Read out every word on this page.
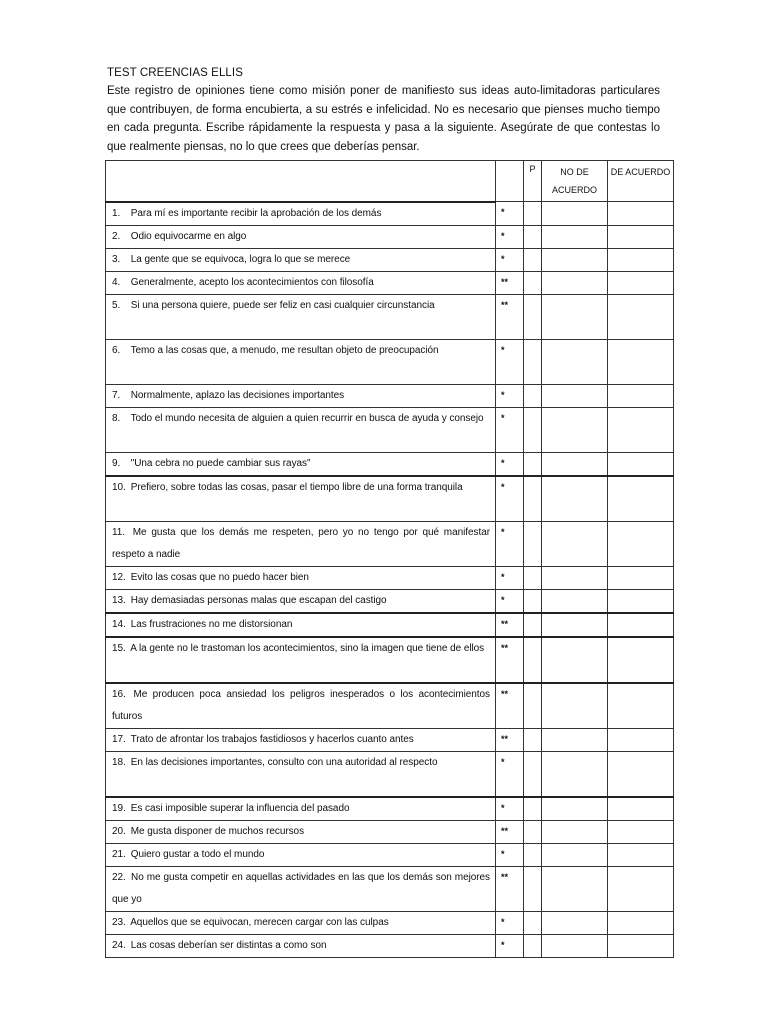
TEST CREENCIAS ELLIS
Este registro de opiniones tiene como misión poner de manifiesto sus ideas auto-limitadoras particulares que contribuyen, de forma encubierta, a su estrés e infelicidad. No es necesario que pienses mucho tiempo en cada pregunta. Escribe rápidamente la respuesta y pasa a la siguiente. Asegúrate de que contestas lo que realmente piensas, no lo que crees que deberías pensar.
		P	NO DE ACUERDO	DE ACUERDO
1. Para mí es importante recibir la aprobación de los demás	*			
2. Odio equivocarme en algo	*			
3. La gente que se equivoca, logra lo que se merece	*			
4. Generalmente, acepto los acontecimientos con filosofía	**			
5. Si una persona quiere, puede ser feliz en casi cualquier circunstancia	**			
6. Temo a las cosas que, a menudo, me resultan objeto de preocupación	*			
7. Normalmente, aplazo las decisiones importantes	*			
8. Todo el mundo necesita de alguien a quien recurrir en busca de ayuda y consejo	*			
9. "Una cebra no puede cambiar sus rayas"	*			
10. Prefiero, sobre todas las cosas, pasar el tiempo libre de una forma tranquila	*			
11. Me gusta que los demás me respeten, pero yo no tengo por qué manifestar respeto a nadie	*			
12. Evito las cosas que no puedo hacer bien	*			
13. Hay demasiadas personas malas que escapan del castigo	*			
14. Las frustraciones no me distorsionan	**			
15. A la gente no le trastoman los acontecimientos, sino la imagen que tiene de ellos	**			
16. Me producen poca ansiedad los peligros inesperados o los acontecimientos futuros	**			
17. Trato de afrontar los trabajos fastidiosos y hacerlos cuanto antes	**			
18. En las decisiones importantes, consulto con una autoridad al respecto	*			
19. Es casi imposible superar la influencia del pasado	*			
20. Me gusta disponer de muchos recursos	**			
21. Quiero gustar a todo el mundo	*			
22. No me gusta competir en aquellas actividades en las que los demás son mejores que yo	**			
23. Aquellos que se equivocan, merecen cargar con las culpas	*			
24. Las cosas deberían ser distintas a como son	*			
